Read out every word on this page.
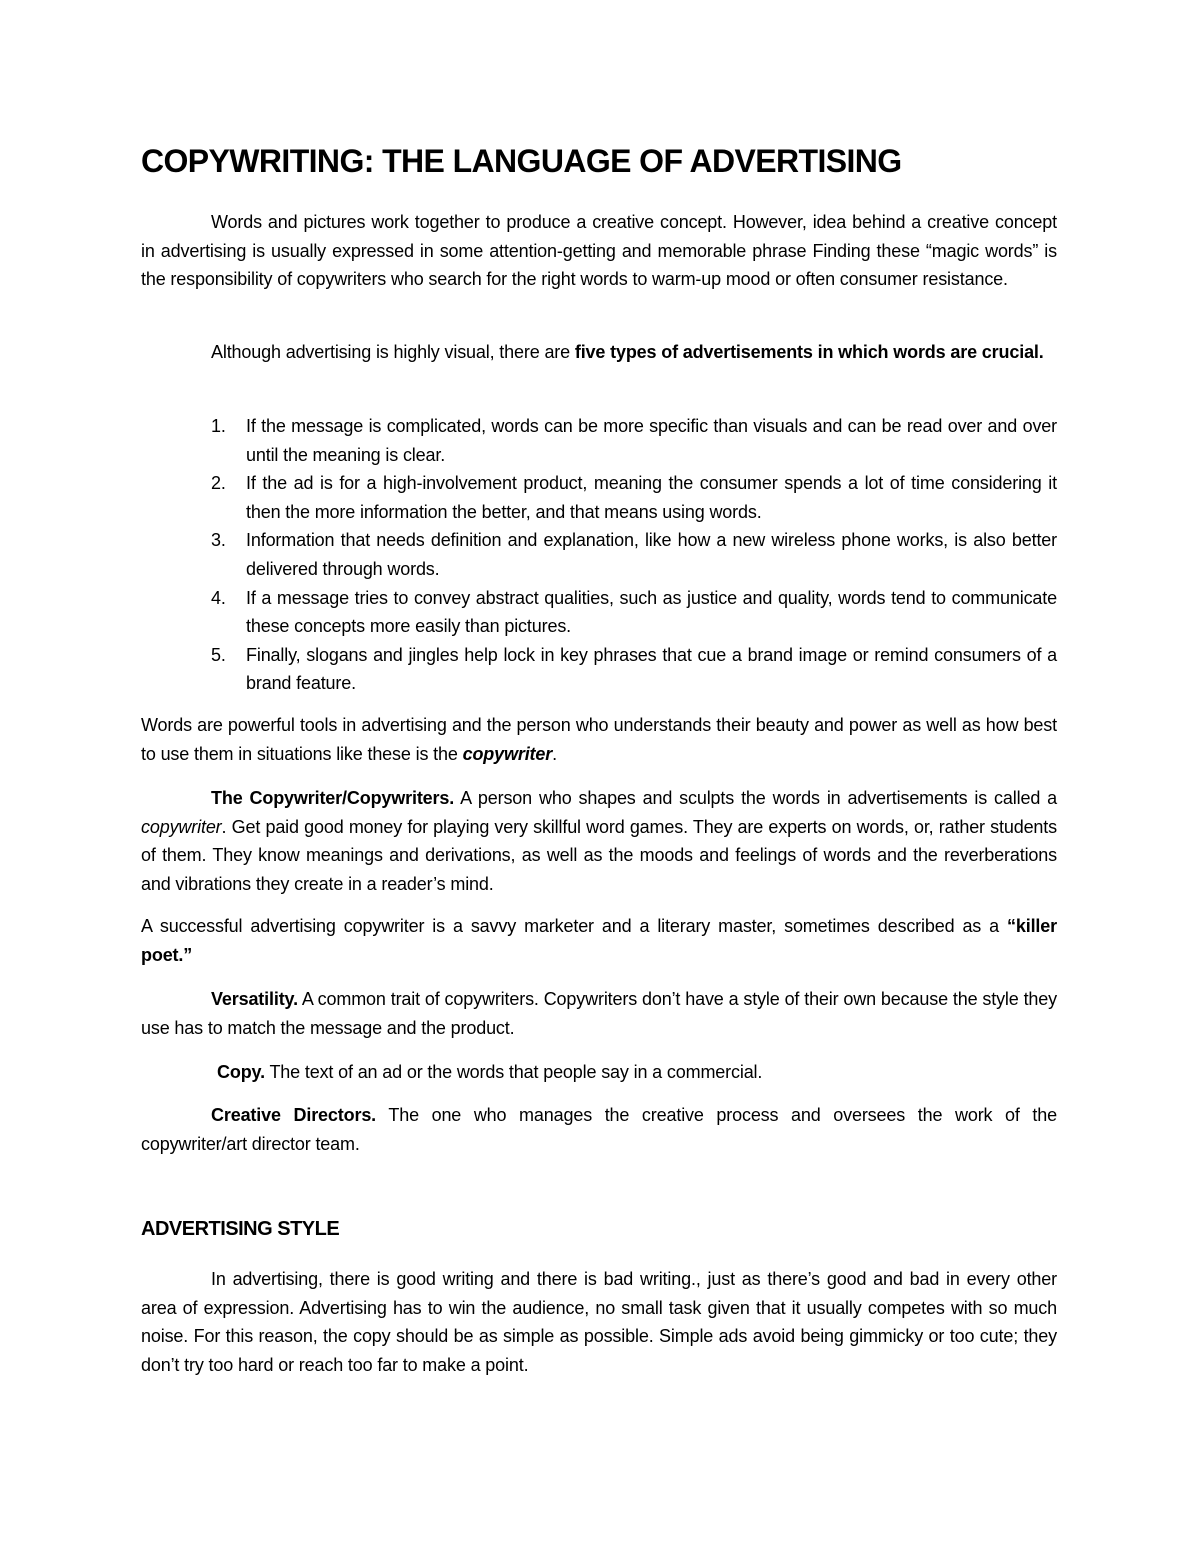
COPYWRITING: THE LANGUAGE OF ADVERTISING

Words and pictures work together to produce a creative concept. However, idea behind a creative concept in advertising is usually expressed in some attention-getting and memorable phrase Finding these “magic words” is the responsibility of copywriters who search for the right words to warm-up mood or often consumer resistance.

Although advertising is highly visual, there are five types of advertisements in which words are crucial.

1. If the message is complicated, words can be more specific than visuals and can be read over and over until the meaning is clear.
2. If the ad is for a high-involvement product, meaning the consumer spends a lot of time considering it then the more information the better, and that means using words.
3. Information that needs definition and explanation, like how a new wireless phone works, is also better delivered through words.
4. If a message tries to convey abstract qualities, such as justice and quality, words tend to communicate these concepts more easily than pictures.
5. Finally, slogans and jingles help lock in key phrases that cue a brand image or remind consumers of a brand feature.

Words are powerful tools in advertising and the person who understands their beauty and power as well as how best to use them in situations like these is the copywriter.

The Copywriter/Copywriters. A person who shapes and sculpts the words in advertisements is called a copywriter. Get paid good money for playing very skillful word games. They are experts on words, or, rather students of them. They know meanings and derivations, as well as the moods and feelings of words and the reverberations and vibrations they create in a reader’s mind.

A successful advertising copywriter is a savvy marketer and a literary master, sometimes described as a “killer poet.”

Versatility. A common trait of copywriters. Copywriters don’t have a style of their own because the style they use has to match the message and the product.

Copy. The text of an ad or the words that people say in a commercial.

Creative Directors. The one who manages the creative process and oversees the work of the copywriter/art director team.

ADVERTISING STYLE

In advertising, there is good writing and there is bad writing., just as there’s good and bad in every other area of expression. Advertising has to win the audience, no small task given that it usually competes with so much noise. For this reason, the copy should be as simple as possible. Simple ads avoid being gimmicky or too cute; they don’t try too hard or reach too far to make a point.
